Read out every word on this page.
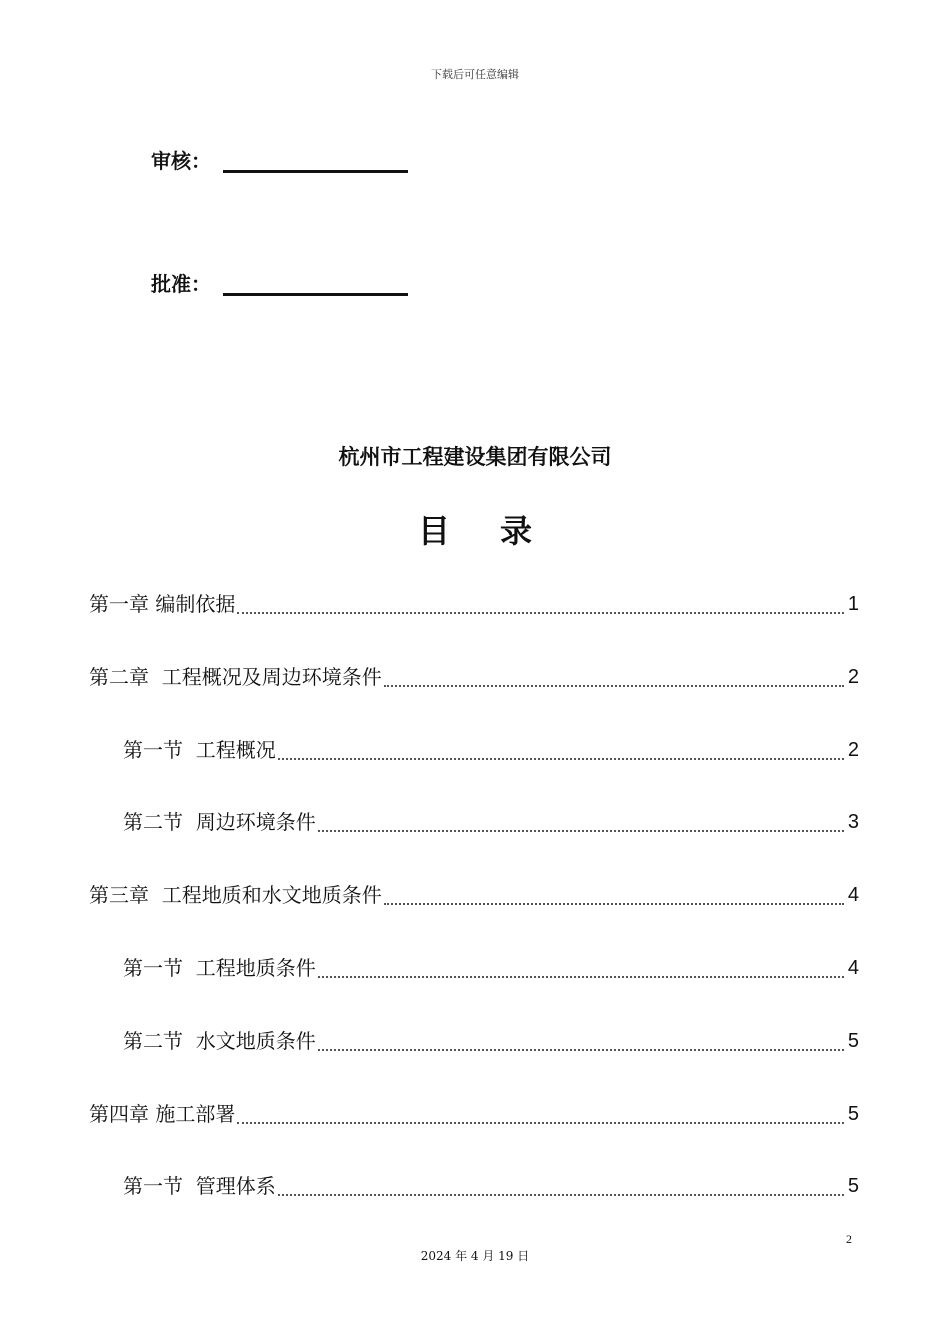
下载后可任意编辑
审核：
批准：
杭州市工程建设集团有限公司
目录
第一章 编制依据	1
第二章  工程概况及周边环境条件	2
第一节  工程概况	2
第二节  周边环境条件	3
第三章  工程地质和水文地质条件	4
第一节  工程地质条件	4
第二节  水文地质条件	5
第四章 施工部署	5
第一节  管理体系	5
2
2024 年 4 月 19 日
